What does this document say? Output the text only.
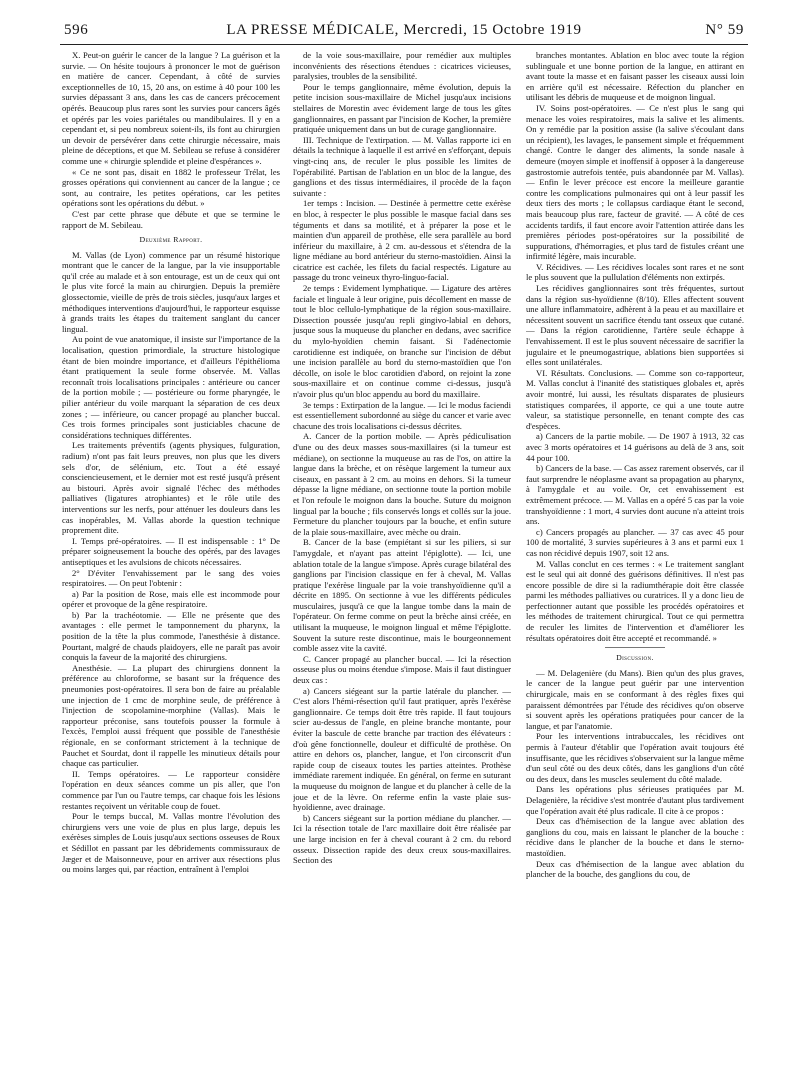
596	LA PRESSE MÉDICALE, Mercredi, 15 Octobre 1919	N° 59

X. Peut-on guérir le cancer de la langue ? La guérison et la survie. — On hésite toujours à prononcer le mot de guérison en matière de cancer. Cependant, à côté de survies exceptionnelles de 10, 15, 20 ans, on estime à 40 pour 100 les survies dépassant 3 ans, dans les cas de cancers précocement opérés. Beaucoup plus rares sont les survies pour cancers âgés et opérés par les voies pariétales ou mandibulaires. Il y en a cependant et, si peu nombreux soient-ils, ils font au chirurgien un devoir de persévérer dans cette chirurgie nécessaire, mais pleine de déceptions, et que M. Sebileau se refuse à considérer comme une « chirurgie splendide et pleine d'espérances ».

« Ce ne sont pas, disait en 1882 le professeur Trélat, les grosses opérations qui conviennent au cancer de la langue ; ce sont, au contraire, les petites opérations, car les petites opérations sont les opérations du début. »

C'est par cette phrase que débute et que se termine le rapport de M. Sebileau.

Deuxième Rapport.

M. Vallas (de Lyon) commence par un résumé historique montrant que le cancer de la langue, par la vie insupportable qu'il crée au malade et à son entourage, est un de ceux qui ont le plus vite forcé la main au chirurgien. Depuis la première glossectomie, vieille de près de trois siècles, jusqu'aux larges et méthodiques interventions d'aujourd'hui, le rapporteur esquisse à grands traits les étapes du traitement sanglant du cancer lingual.

Au point de vue anatomique, il insiste sur l'importance de la localisation, question primordiale, la structure histologique étant de bien moindre importance, et d'ailleurs l'épithélioma étant pratiquement la seule forme observée. M. Vallas reconnaît trois localisations principales : antérieure ou cancer de la portion mobile ; — postérieure ou forme pharyngée, le pilier antérieur du voile marquant la séparation de ces deux zones ; — inférieure, ou cancer propagé au plancher buccal. Ces trois formes principales sont justiciables chacune de considérations techniques différentes.

Les traitements préventifs (agents physiques, fulguration, radium) n'ont pas fait leurs preuves, non plus que les divers sels d'or, de sélénium, etc. Tout a été essayé consciencieusement, et le dernier mot est resté jusqu'à présent au bistouri. Après avoir signalé l'échec des méthodes palliatives (ligatures atrophiantes) et le rôle utile des interventions sur les nerfs, pour atténuer les douleurs dans les cas inopérables, M. Vallas aborde la question technique proprement dite.

I. Temps pré-opératoires. — Il est indispensable : 1° De préparer soigneusement la bouche des opérés, par des lavages antiseptiques et les avulsions de chicots nécessaires.

2° D'éviter l'envahissement par le sang des voies respiratoires. — On peut l'obtenir :

a) Par la position de Rose, mais elle est incommode pour opérer et provoque de la gêne respiratoire.

b) Par la trachéotomie. — Elle ne présente que des avantages : elle permet le tamponnement du pharynx, la position de la tête la plus commode, l'anesthésie à distance. Pourtant, malgré de chauds plaidoyers, elle ne paraît pas avoir conquis la faveur de la majorité des chirurgiens.

Anesthésie. — La plupart des chirurgiens donnent la préférence au chloroforme, se basant sur la fréquence des pneumonies post-opératoires. Il sera bon de faire au préalable une injection de 1 cmc de morphine seule, de préférence à l'injection de scopolamine-morphine (Vallas). Mais le rapporteur préconise, sans toutefois pousser la formule à l'excès, l'emploi aussi fréquent que possible de l'anesthésie régionale, en se conformant strictement à la technique de Pauchet et Sourdat, dont il rappelle les minutieux détails pour chaque cas particulier.

II. Temps opératoires. — Le rapporteur considère l'opération en deux séances comme un pis aller, que l'on commence par l'un ou l'autre temps, car chaque fois les lésions restantes reçoivent un véritable coup de fouet.

Pour le temps buccal, M. Vallas montre l'évolution des chirurgiens vers une voie de plus en plus large, depuis les exérèses simples de Louis jusqu'aux sections osseuses de Roux et Sédillot en passant par les débridements commissuraux de Jæger et de Maisonneuve, pour en arriver aux résections plus ou moins larges qui, par réaction, entraînent à l'emploi

de la voie sous-maxillaire, pour remédier aux multiples inconvénients des résections étendues : cicatrices vicieuses, paralysies, troubles de la sensibilité.

Pour le temps ganglionnaire, même évolution, depuis la petite incision sous-maxillaire de Michel jusqu'aux incisions stellaires de Morestin avec évidement large de tous les gîtes ganglionnaires, en passant par l'incision de Kocher, la première pratiquée uniquement dans un but de curage ganglionnaire.

III. Technique de l'extirpation. — M. Vallas rapporte ici en détails la technique à laquelle il est arrivé en s'efforçant, depuis vingt-cinq ans, de reculer le plus possible les limites de l'opérabilité. Partisan de l'ablation en un bloc de la langue, des ganglions et des tissus intermédiaires, il procède de la façon suivante :

1er temps : Incision. — Destinée à permettre cette exérèse en bloc, à respecter le plus possible le masque facial dans ses téguments et dans sa motilité, et à préparer la pose et le maintien d'un appareil de prothèse, elle sera parallèle au bord inférieur du maxillaire, à 2 cm. au-dessous et s'étendra de la ligne médiane au bord antérieur du sterno-mastoïdien. Ainsi la cicatrice est cachée, les filets du facial respectés. Ligature au passage du tronc veineux thyro-linguo-facial.

2e temps : Evidement lymphatique. — Ligature des artères faciale et linguale à leur origine, puis décollement en masse de tout le bloc cellulo-lymphatique de la région sous-maxillaire. Dissection poussée jusqu'au repli gingivo-labial en dehors, jusque sous la muqueuse du plancher en dedans, avec sacrifice du mylo-hyoïdien chemin faisant. Si l'adénectomie carotidienne est indiquée, on branche sur l'incision de début une incision parallèle au bord du sterno-mastoïdien que l'on décolle, on isole le bloc carotidien d'abord, on rejoint la zone sous-maxillaire et on continue comme ci-dessus, jusqu'à n'avoir plus qu'un bloc appendu au bord du maxillaire.

3e temps : Extirpation de la langue. — Ici le modus faciendi est essentiellement subordonné au siège du cancer et varie avec chacune des trois localisations ci-dessus décrites.

A. Cancer de la portion mobile. — Après pédiculisation d'une ou des deux masses sous-maxillaires (si la tumeur est médiane), on sectionne la muqueuse au ras de l'os, on attire la langue dans la brèche, et on résèque largement la tumeur aux ciseaux, en passant à 2 cm. au moins en dehors. Si la tumeur dépasse la ligne médiane, on sectionne toute la portion mobile et l'on refoule le moignon dans la bouche. Suture du moignon lingual par la bouche ; fils conservés longs et collés sur la joue. Fermeture du plancher toujours par la bouche, et enfin suture de la plaie sous-maxillaire, avec mèche ou drain.

B. Cancer de la base (empiétant si sur les piliers, si sur l'amygdale, et n'ayant pas atteint l'épiglotte). — Ici, une ablation totale de la langue s'impose. Après curage bilatéral des ganglions par l'incision classique en fer à cheval, M. Vallas pratique l'exérèse linguale par la voie transhyoïdienne qu'il a décrite en 1895. On sectionne à vue les différents pédicules musculaires, jusqu'à ce que la langue tombe dans la main de l'opérateur. On ferme comme on peut la brèche ainsi créée, en utilisant la muqueuse, le moignon lingual et même l'épiglotte. Souvent la suture reste discontinue, mais le bourgeonnement comble assez vite la cavité.

C. Cancer propagé au plancher buccal. — Ici la résection osseuse plus ou moins étendue s'impose. Mais il faut distinguer deux cas :

a) Cancers siégeant sur la partie latérale du plancher. — C'est alors l'hémi-résection qu'il faut pratiquer, après l'exérèse ganglionnaire. Ce temps doit être très rapide. Il faut toujours scier au-dessus de l'angle, en pleine branche montante, pour éviter la bascule de cette branche par traction des élévateurs : d'où gêne fonctionnelle, douleur et difficulté de prothèse. On attire en dehors os, plancher, langue, et l'on circonscrit d'un rapide coup de ciseaux toutes les parties atteintes. Prothèse immédiate rarement indiquée. En général, on ferme en suturant la muqueuse du moignon de langue et du plancher à celle de la joue et de la lèvre. On referme enfin la vaste plaie sus-hyoïdienne, avec drainage.

b) Cancers siégeant sur la portion médiane du plancher. — Ici la résection totale de l'arc maxillaire doit être réalisée par une large incision en fer à cheval courant à 2 cm. du rebord osseux. Dissection rapide des deux creux sous-maxillaires. Section des

branches montantes. Ablation en bloc avec toute la région sublinguale et une bonne portion de la langue, en attirant en avant toute la masse et en faisant passer les ciseaux aussi loin en arrière qu'il est nécessaire. Réfection du plancher en utilisant les débris de muqueuse et de moignon lingual.

IV. Soins post-opératoires. — Ce n'est plus le sang qui menace les voies respiratoires, mais la salive et les aliments. On y remédie par la position assise (la salive s'écoulant dans un récipient), les lavages, le pansement simple et fréquemment changé. Contre le danger des aliments, la sonde nasale à demeure (moyen simple et inoffensif à opposer à la dangereuse gastrostomie autrefois tentée, puis abandonnée par M. Vallas). — Enfin le lever précoce est encore la meilleure garantie contre les complications pulmonaires qui ont à leur passif les deux tiers des morts ; le collapsus cardiaque étant le second, mais beaucoup plus rare, facteur de gravité. — A côté de ces accidents tardifs, il faut encore avoir l'attention attirée dans les premières périodes post-opératoires sur la possibilité de suppurations, d'hémorragies, et plus tard de fistules créant une infirmité légère, mais incurable.

V. Récidives. — Les récidives locales sont rares et ne sont le plus souvent que la pullulation d'éléments non extirpés.

Les récidives ganglionnaires sont très fréquentes, surtout dans la région sus-hyoïdienne (8/10). Elles affectent souvent une allure inflammatoire, adhèrent à la peau et au maxillaire et nécessitent souvent un sacrifice étendu tant osseux que cutané. — Dans la région carotidienne, l'artère seule échappe à l'envahissement. Il est le plus souvent nécessaire de sacrifier la jugulaire et le pneumogastrique, ablations bien supportées si elles sont unilatérales.

VI. Résultats. Conclusions. — Comme son co-rapporteur, M. Vallas conclut à l'inanité des statistiques globales et, après avoir montré, lui aussi, les résultats disparates de plusieurs statistiques comparées, il apporte, ce qui a une toute autre valeur, sa statistique personnelle, en tenant compte des cas d'espèces.

a) Cancers de la partie mobile. — De 1907 à 1913, 32 cas avec 3 morts opératoires et 14 guérisons au delà de 3 ans, soit 44 pour 100.

b) Cancers de la base. — Cas assez rarement observés, car il faut surprendre le néoplasme avant sa propagation au pharynx, à l'amygdale et au voile. Or, cet envahissement est extrêmement précoce. — M. Vallas en a opéré 5 cas par la voie transhyoïdienne : 1 mort, 4 survies dont aucune n'a atteint trois ans.

c) Cancers propagés au plancher. — 37 cas avec 45 pour 100 de mortalité, 3 survies supérieures à 3 ans et parmi eux 1 cas non récidivé depuis 1907, soit 12 ans.

M. Vallas conclut en ces termes : « Le traitement sanglant est le seul qui ait donné des guérisons définitives. Il n'est pas encore possible de dire si la radiumthérapie doit être classée parmi les méthodes palliatives ou curatrices. Il y a donc lieu de perfectionner autant que possible les procédés opératoires et les méthodes de traitement chirurgical. Tout ce qui permettra de reculer les limites de l'intervention et d'améliorer les résultats opératoires doit être accepté et recommandé. »

Discussion.

— M. Delagenière (du Mans). Bien qu'un des plus graves, le cancer de la langue peut guérir par une intervention chirurgicale, mais en se conformant à des règles fixes qui paraissent démontrées par l'étude des récidives qu'on observe si souvent après les opérations pratiquées pour cancer de la langue, et par l'anatomie.

Pour les interventions intrabuccales, les récidives ont permis à l'auteur d'établir que l'opération avait toujours été insuffisante, que les récidives s'observaient sur la langue même d'un seul côté ou des deux côtés, dans les ganglions d'un côté ou des deux, dans les muscles seulement du côté malade.

Dans les opérations plus sérieuses pratiquées par M. Delagenière, la récidive s'est montrée d'autant plus tardivement que l'opération avait été plus radicale. Il cite à ce propos :

Deux cas d'hémisection de la langue avec ablation des ganglions du cou, mais en laissant le plancher de la bouche : récidive dans le plancher de la bouche et dans le sterno-mastoïdien.

Deux cas d'hémisection de la langue avec ablation du plancher de la bouche, des ganglions du cou, de
